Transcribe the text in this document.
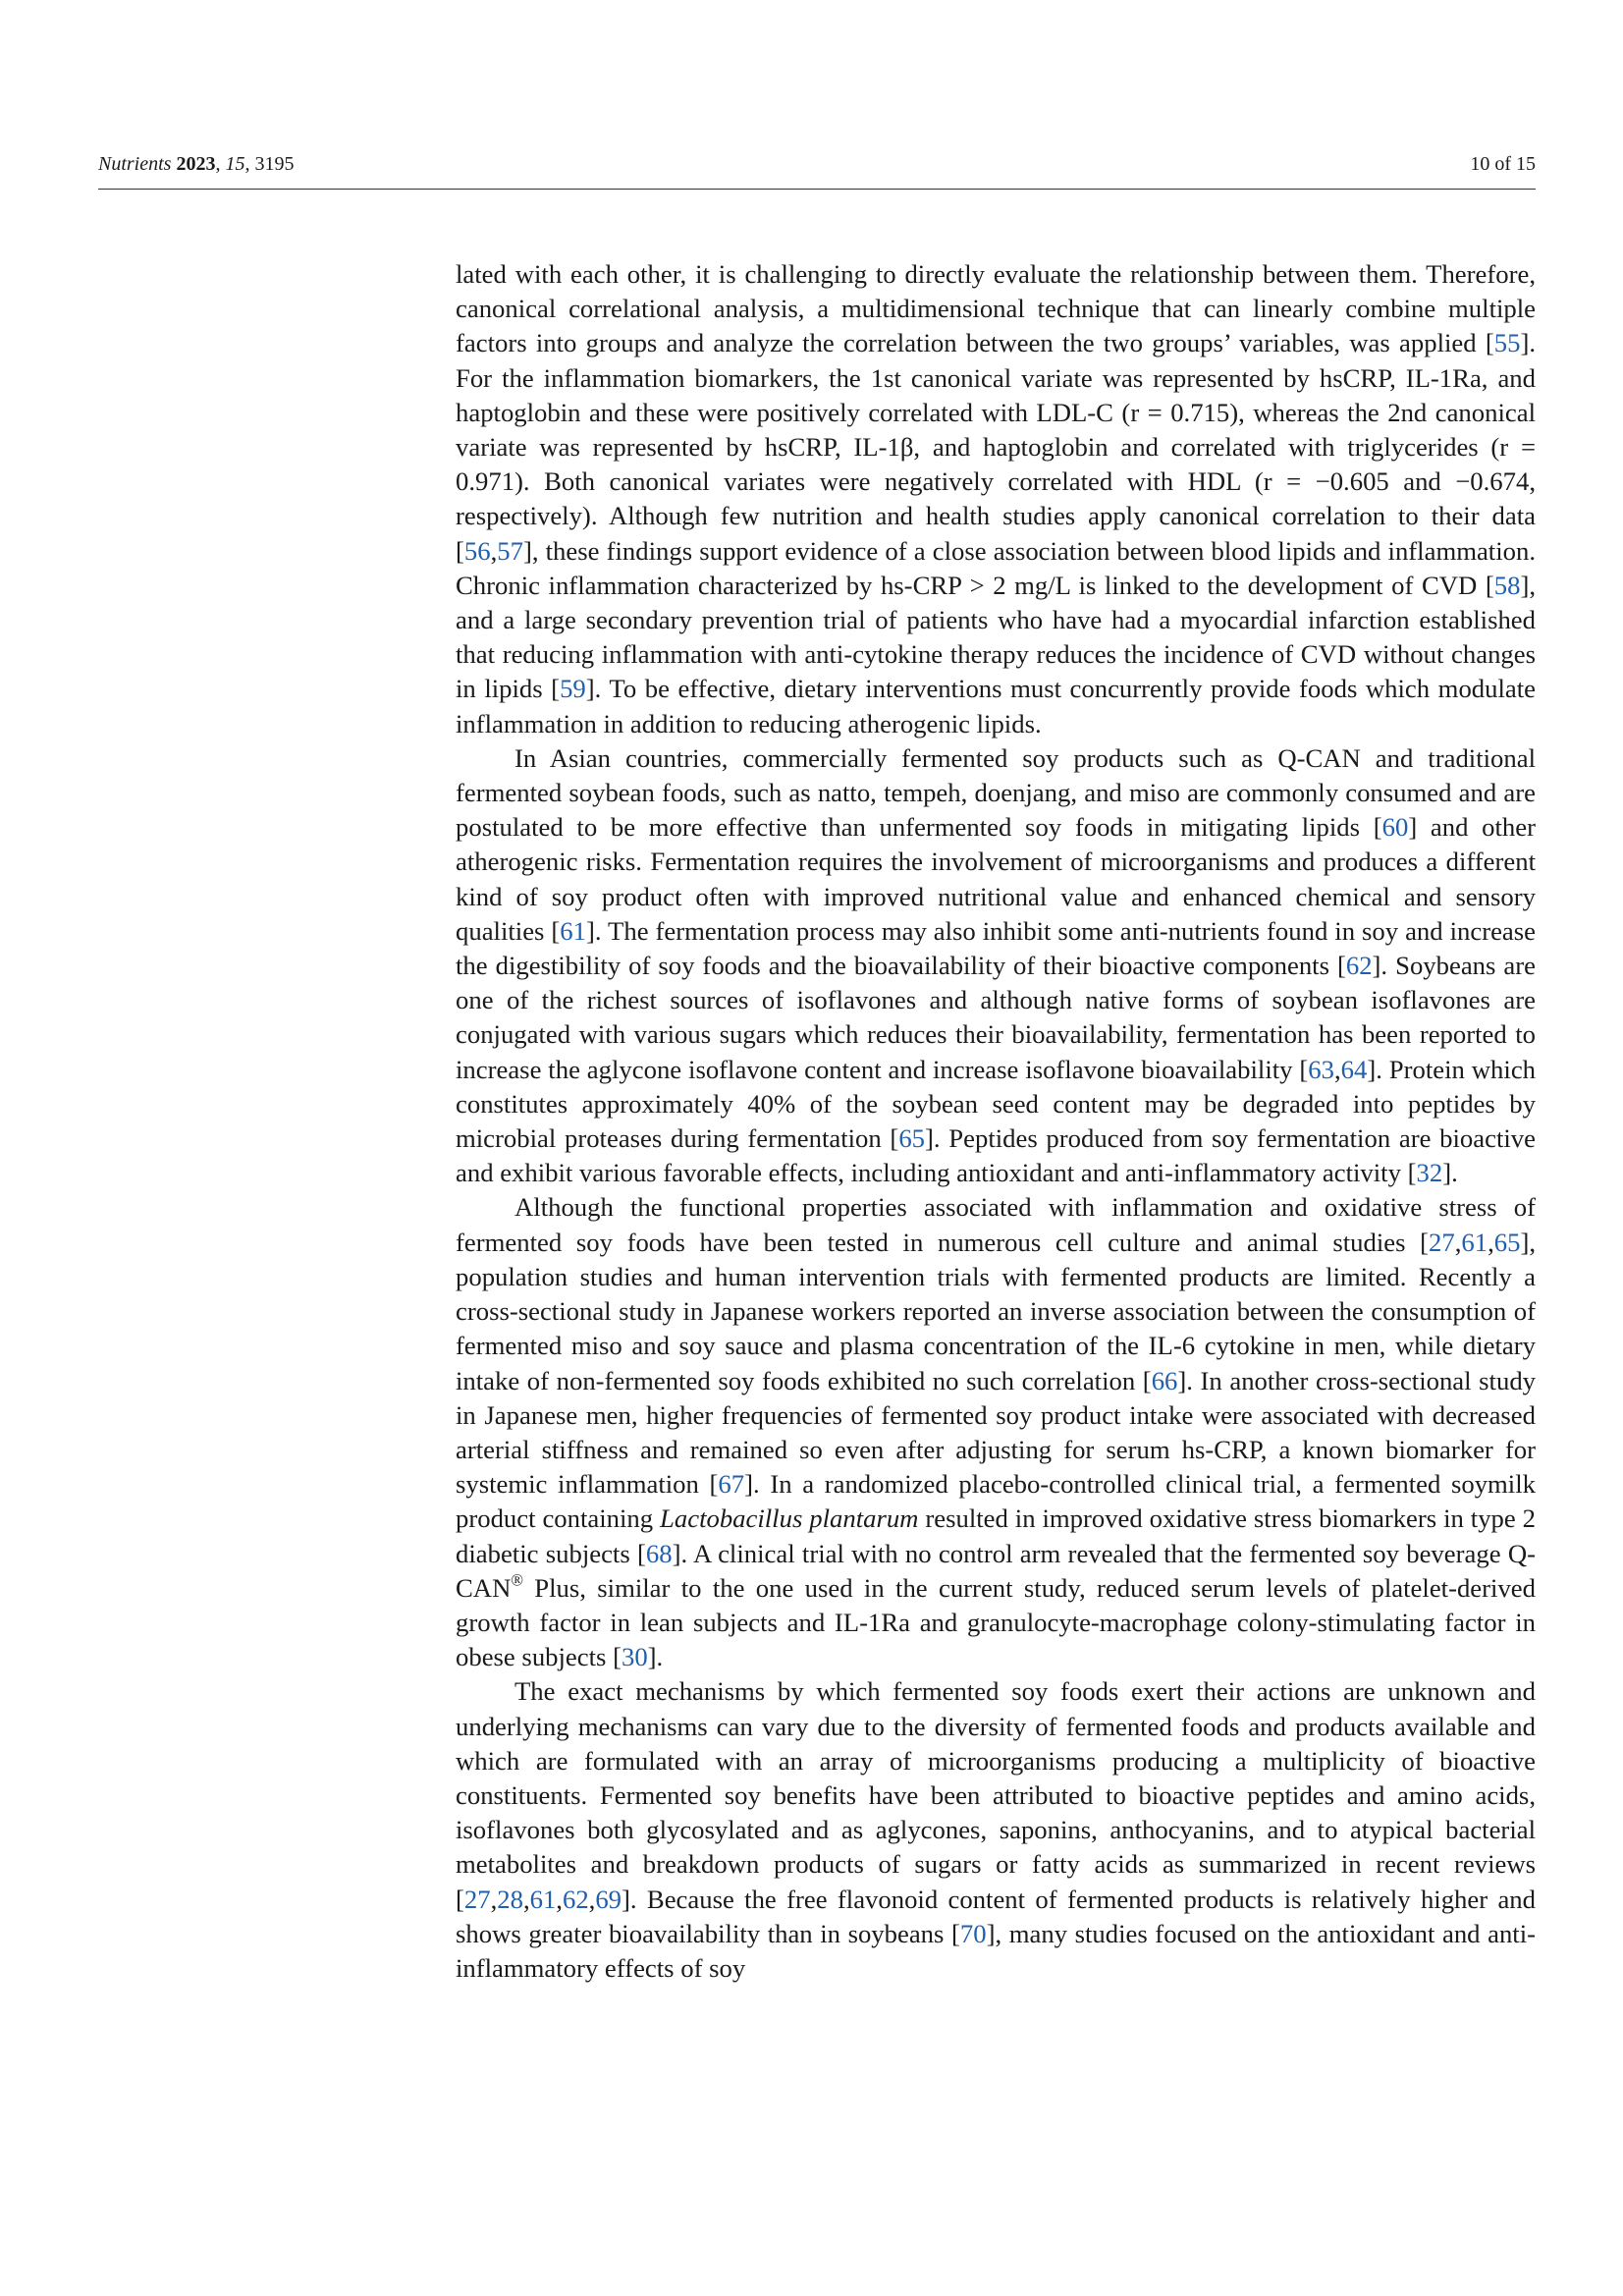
Nutrients 2023, 15, 3195	10 of 15

lated with each other, it is challenging to directly evaluate the relationship between them. Therefore, canonical correlational analysis, a multidimensional technique that can linearly combine multiple factors into groups and analyze the correlation between the two groups’ variables, was applied [55]. For the inflammation biomarkers, the 1st canonical variate was represented by hsCRP, IL-1Ra, and haptoglobin and these were positively correlated with LDL-C (r = 0.715), whereas the 2nd canonical variate was represented by hsCRP, IL-1β, and haptoglobin and correlated with triglycerides (r = 0.971). Both canonical variates were negatively correlated with HDL (r = −0.605 and −0.674, respectively). Although few nutrition and health studies apply canonical correlation to their data [56,57], these findings support evidence of a close association between blood lipids and inflammation. Chronic inflammation characterized by hs-CRP > 2 mg/L is linked to the development of CVD [58], and a large secondary prevention trial of patients who have had a myocardial infarction established that reducing inflammation with anti-cytokine therapy reduces the incidence of CVD without changes in lipids [59]. To be effective, dietary interventions must concurrently provide foods which modulate inflammation in addition to reducing atherogenic lipids.

In Asian countries, commercially fermented soy products such as Q-CAN and traditional fermented soybean foods, such as natto, tempeh, doenjang, and miso are commonly consumed and are postulated to be more effective than unfermented soy foods in mitigating lipids [60] and other atherogenic risks. Fermentation requires the involvement of microorganisms and produces a different kind of soy product often with improved nutritional value and enhanced chemical and sensory qualities [61]. The fermentation process may also inhibit some anti-nutrients found in soy and increase the digestibility of soy foods and the bioavailability of their bioactive components [62]. Soybeans are one of the richest sources of isoflavones and although native forms of soybean isoflavones are conjugated with various sugars which reduces their bioavailability, fermentation has been reported to increase the aglycone isoflavone content and increase isoflavone bioavailability [63,64]. Protein which constitutes approximately 40% of the soybean seed content may be degraded into peptides by microbial proteases during fermentation [65]. Peptides produced from soy fermentation are bioactive and exhibit various favorable effects, including antioxidant and anti-inflammatory activity [32].

Although the functional properties associated with inflammation and oxidative stress of fermented soy foods have been tested in numerous cell culture and animal studies [27,61,65], population studies and human intervention trials with fermented products are limited. Recently a cross-sectional study in Japanese workers reported an inverse association between the consumption of fermented miso and soy sauce and plasma concentration of the IL-6 cytokine in men, while dietary intake of non-fermented soy foods exhibited no such correlation [66]. In another cross-sectional study in Japanese men, higher frequencies of fermented soy product intake were associated with decreased arterial stiffness and remained so even after adjusting for serum hs-CRP, a known biomarker for systemic inflammation [67]. In a randomized placebo-controlled clinical trial, a fermented soymilk product containing Lactobacillus plantarum resulted in improved oxidative stress biomarkers in type 2 diabetic subjects [68]. A clinical trial with no control arm revealed that the fermented soy beverage Q-CAN® Plus, similar to the one used in the current study, reduced serum levels of platelet-derived growth factor in lean subjects and IL-1Ra and granulocyte-macrophage colony-stimulating factor in obese subjects [30].

The exact mechanisms by which fermented soy foods exert their actions are unknown and underlying mechanisms can vary due to the diversity of fermented foods and products available and which are formulated with an array of microorganisms producing a multiplicity of bioactive constituents. Fermented soy benefits have been attributed to bioactive peptides and amino acids, isoflavones both glycosylated and as aglycones, saponins, anthocyanins, and to atypical bacterial metabolites and breakdown products of sugars or fatty acids as summarized in recent reviews [27,28,61,62,69]. Because the free flavonoid content of fermented products is relatively higher and shows greater bioavailability than in soybeans [70], many studies focused on the antioxidant and anti-inflammatory effects of soy
